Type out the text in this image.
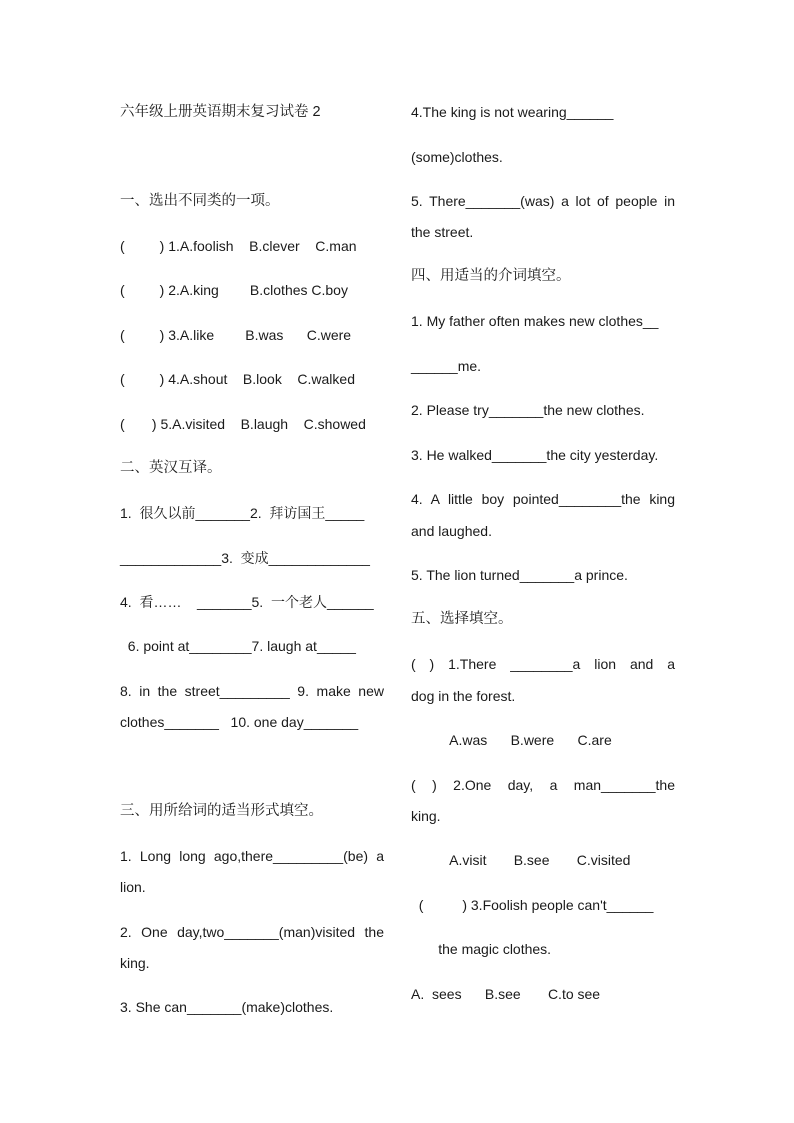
六年级上册英语期末复习试卷 2
一、选出不同类的一项。
(         ) 1.A.foolish    B.clever    C.man
(         ) 2.A.king        B.clothes C.boy
(         ) 3.A.like        B.was      C.were
(         ) 4.A.shout    B.look    C.walked
(       ) 5.A.visited    B.laugh    C.showed
二、英汉互译。
1.  很久以前_______2.  拜访国王_____
_____________3.  变成_____________
4.  看……    _______5.  一个老人______
6. point at________7. laugh at_____
8. in the street_________ 9. make new
clothes_______   10. one day_______
三、用所给词的适当形式填空。
1. Long long ago,there_________(be) a
lion.
2. One day,two_______(man)visited the
king.
3. She can_______(make)clothes.
4.The king is not wearing______
(some)clothes.
5. There_______(was) a lot of people in
the street.
四、用适当的介词填空。
1. My father often makes new clothes__
______me.
2. Please try_______the new clothes.
3. He walked_______the city yesterday.
4. A little boy pointed________the king
and laughed.
5. The lion turned_______a prince.
五、选择填空。
( ) 1.There ________a lion and a
dog in the forest.
A.was      B.were      C.are
( ) 2.One day, a man_______the
king.
A.visit       B.see       C.visited
(          ) 3.Foolish people can't______
the magic clothes.
A.  sees      B.see       C.to see
